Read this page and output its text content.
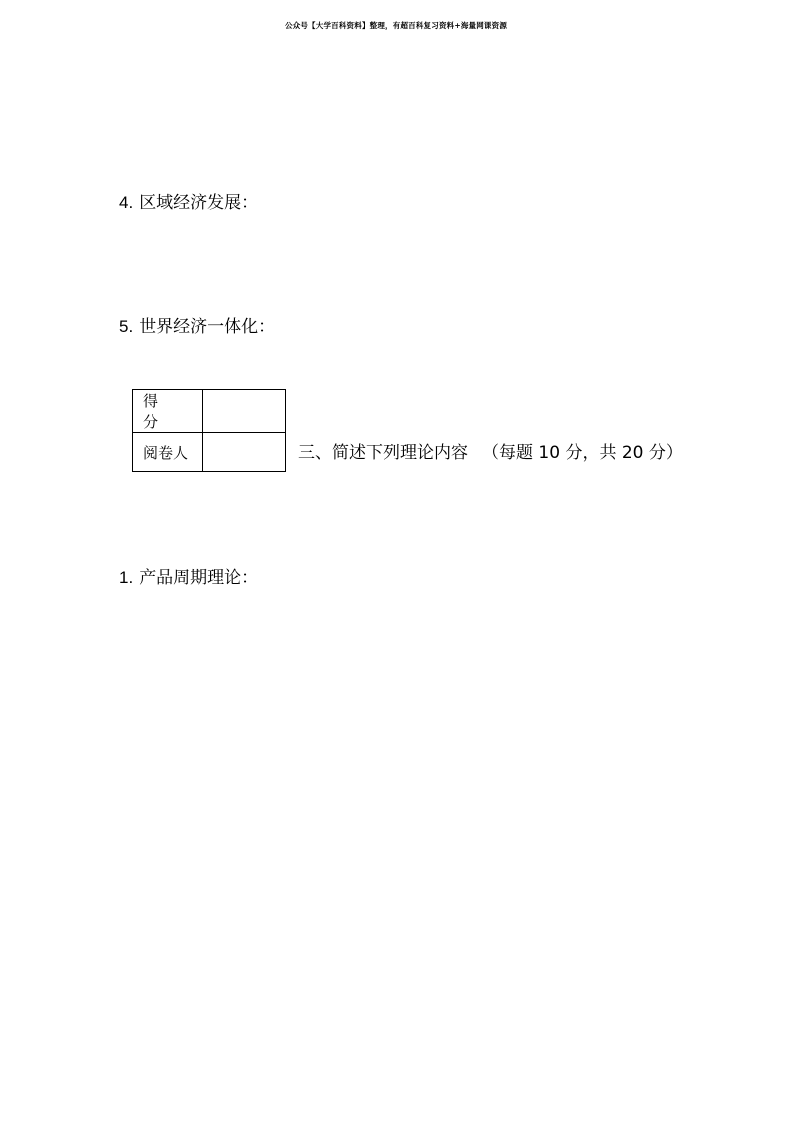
公众号【大学百科资料】整理，有超百科复习资料+海量网课资源
4. 区域经济发展：
5. 世界经济一体化：
得 分	
阅卷人		三、简述下列理论内容 （每题 10 分，共 20 分）
1. 产品周期理论：
